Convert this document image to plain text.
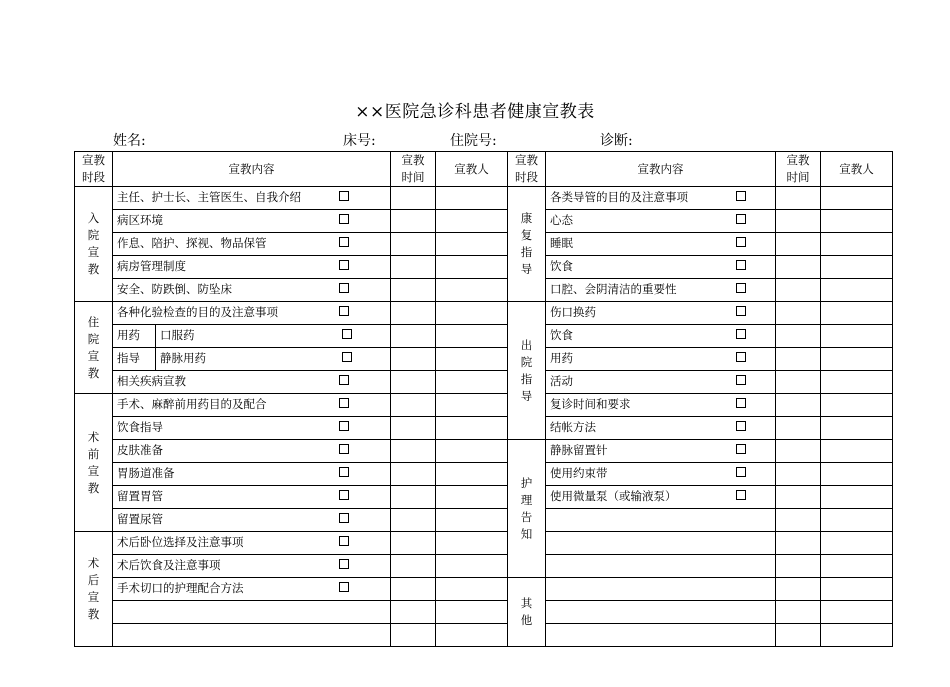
××医院急诊科患者健康宣教表
姓名:	床号:	住院号:	诊断:
宣教时段	宣教内容		宣教时间	宣教人	宣教时段	宣教内容	宣教时间	宣教人
入院宣教	主任、护士长、主管医生、自我介绍				康复指导	各类导管的目的及注意事项

	病区环境					心态

	作息、陪护、探视、物品保管					睡眠

	病房管理制度					饮食

	安全、防跌倒、防坠床					口腔、会阴清洁的重要性

住院宣教	各种化验检查的目的及注意事项				出院指导	伤口换药

	用药	口服药				饮食

	指导	静脉用药				用药

	相关疾病宣教					活动

术前宣教	手术、麻醉前用药目的及配合					复诊时间和要求

	饮食指导					结帐方法

	皮肤准备				护理告知	静脉留置针

	胃肠道准备					使用约束带

	留置胃管					使用微量泵（或输液泵）

	留置尿管		

术后宣教	术后卧位选择及注意事项		

	术后饮食及注意事项		

	手术切口的护理配合方法				其他			
